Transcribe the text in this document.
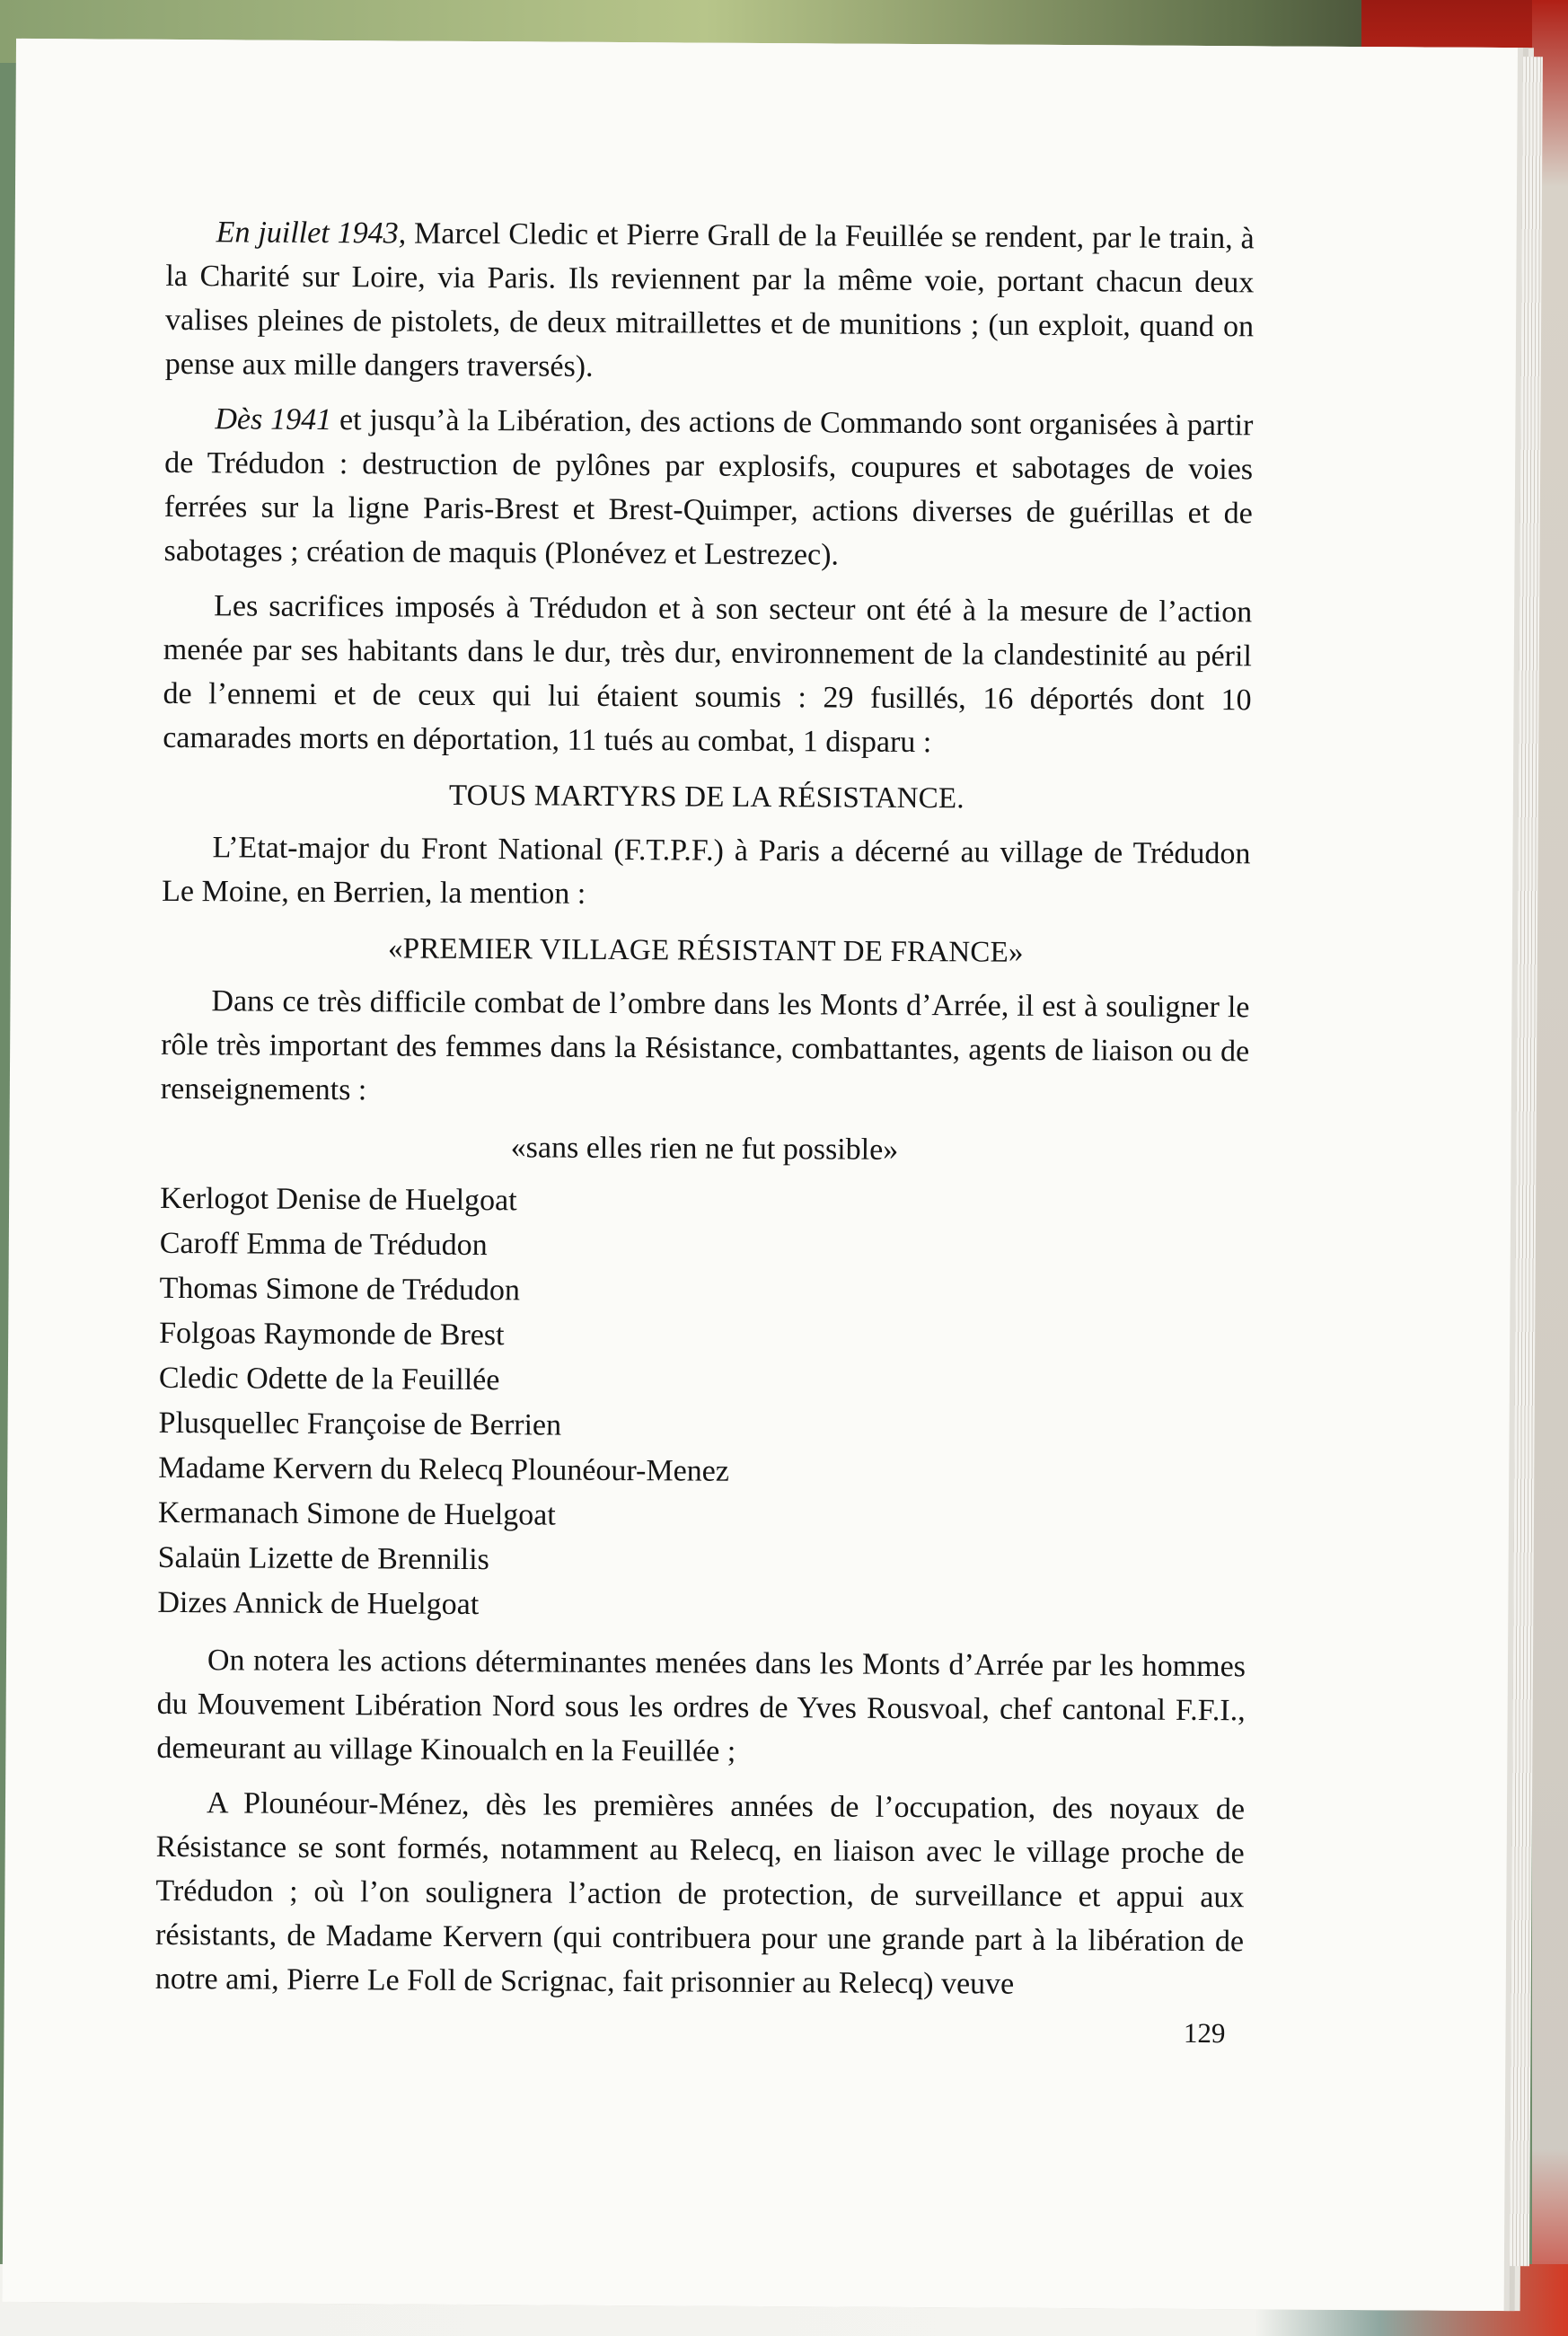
En juillet 1943, Marcel Cledic et Pierre Grall de la Feuillée se rendent, par le train, à la Charité sur Loire, via Paris. Ils reviennent par la même voie, portant chacun deux valises pleines de pistolets, de deux mitraillettes et de munitions ; (un exploit, quand on pense aux mille dangers traversés).

Dès 1941 et jusqu’à la Libération, des actions de Commando sont organisées à partir de Trédudon : destruction de pylônes par explosifs, coupures et sabotages de voies ferrées sur la ligne Paris-Brest et Brest-Quimper, actions diverses de guérillas et de sabotages ; création de maquis (Plonévez et Lestrezec).

Les sacrifices imposés à Trédudon et à son secteur ont été à la mesure de l’action menée par ses habitants dans le dur, très dur, environnement de la clandestinité au péril de l’ennemi et de ceux qui lui étaient soumis : 29 fusillés, 16 déportés dont 10 camarades morts en déportation, 11 tués au combat, 1 disparu :

TOUS MARTYRS DE LA RÉSISTANCE.

L’Etat-major du Front National (F.T.P.F.) à Paris a décerné au village de Trédudon Le Moine, en Berrien, la mention :

«PREMIER VILLAGE RÉSISTANT DE FRANCE»

Dans ce très difficile combat de l’ombre dans les Monts d’Arrée, il est à souligner le rôle très important des femmes dans la Résistance, combattantes, agents de liaison ou de renseignements :

«sans elles rien ne fut possible»
Kerlogot Denise de Huelgoat
Caroff Emma de Trédudon
Thomas Simone de Trédudon
Folgoas Raymonde de Brest
Cledic Odette de la Feuillée
Plusquellec Françoise de Berrien
Madame Kervern du Relecq Plounéour-Menez
Kermanach Simone de Huelgoat
Salaün Lizette de Brennilis
Dizes Annick de Huelgoat

On notera les actions déterminantes menées dans les Monts d’Arrée par les hommes du Mouvement Libération Nord sous les ordres de Yves Rousvoal, chef cantonal F.F.I., demeurant au village Kinoualch en la Feuillée ;

A Plounéour-Ménez, dès les premières années de l’occupation, des noyaux de Résistance se sont formés, notamment au Relecq, en liaison avec le village proche de Trédudon ; où l’on soulignera l’action de protection, de surveillance et appui aux résistants, de Madame Kervern (qui contribuera pour une grande part à la libération de notre ami, Pierre Le Foll de Scrignac, fait prisonnier au Relecq) veuve

129
